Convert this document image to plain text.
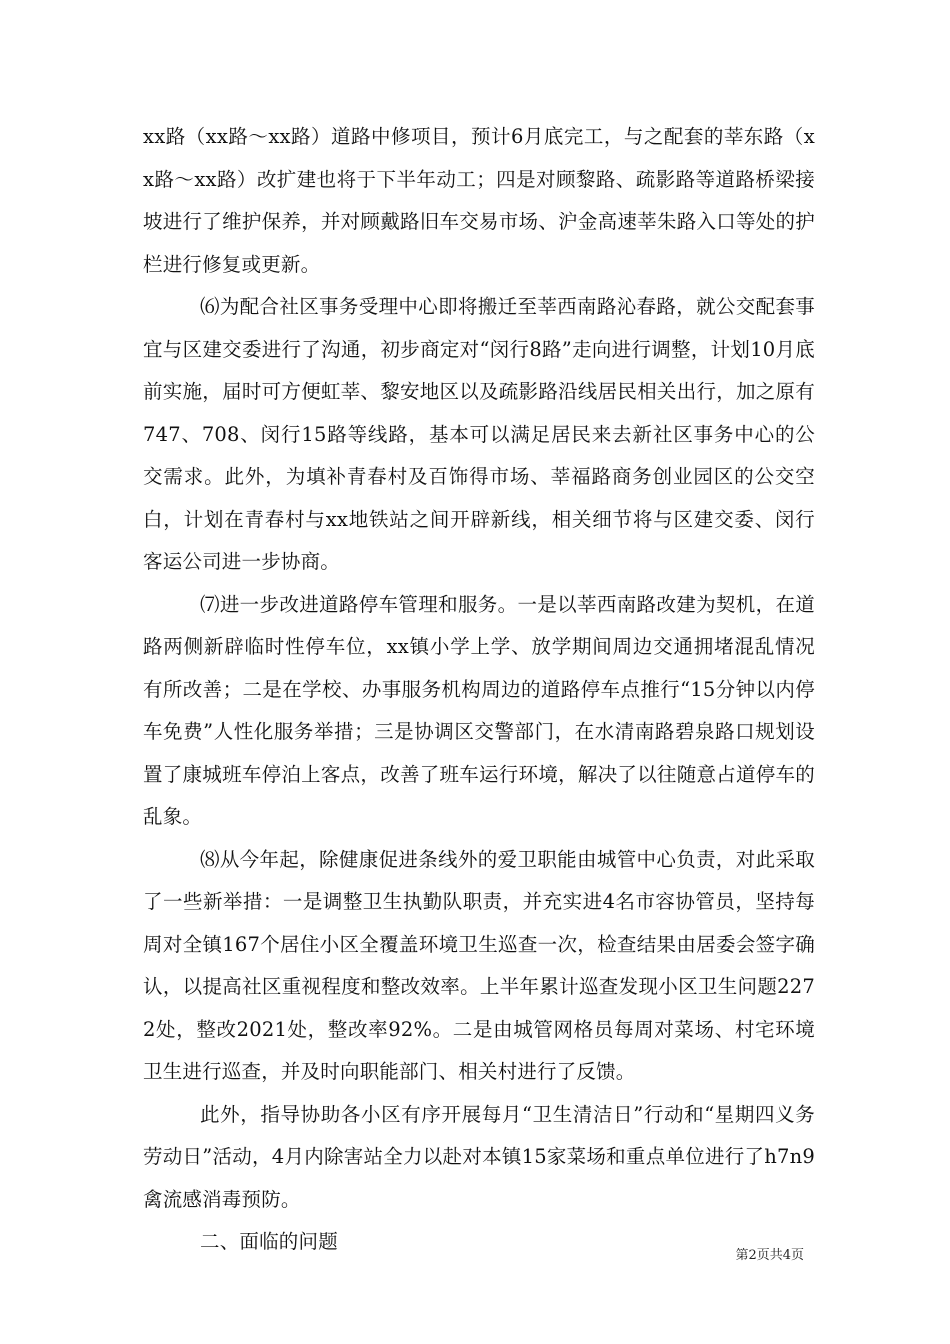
xx路（xx路～xx路）道路中修项目，预计6月底完工，与之配套的莘东路（xx路～xx路）改扩建也将于下半年动工；四是对顾黎路、疏影路等道路桥梁接坡进行了维护保养，并对顾戴路旧车交易市场、沪金高速莘朱路入口等处的护栏进行修复或更新。

⑹为配合社区事务受理中心即将搬迁至莘西南路沁春路，就公交配套事宜与区建交委进行了沟通，初步商定对“闵行8路”走向进行调整，计划10月底前实施，届时可方便虹莘、黎安地区以及疏影路沿线居民相关出行，加之原有747、708、闵行15路等线路，基本可以满足居民来去新社区事务中心的公交需求。此外，为填补青春村及百饰得市场、莘福路商务创业园区的公交空白，计划在青春村与xx地铁站之间开辟新线，相关细节将与区建交委、闵行客运公司进一步协商。

⑺进一步改进道路停车管理和服务。一是以莘西南路改建为契机，在道路两侧新辟临时性停车位，xx镇小学上学、放学期间周边交通拥堵混乱情况有所改善；二是在学校、办事服务机构周边的道路停车点推行“15分钟以内停车免费”人性化服务举措；三是协调区交警部门，在水清南路碧泉路口规划设置了康城班车停泊上客点，改善了班车运行环境，解决了以往随意占道停车的乱象。

⑻从今年起，除健康促进条线外的爱卫职能由城管中心负责，对此采取了一些新举措：一是调整卫生执勤队职责，并充实进4名市容协管员，坚持每周对全镇167个居住小区全覆盖环境卫生巡查一次，检查结果由居委会签字确认，以提高社区重视程度和整改效率。上半年累计巡查发现小区卫生问题2272处，整改2021处，整改率92%。二是由城管网格员每周对菜场、村宅环境卫生进行巡查，并及时向职能部门、相关村进行了反馈。

此外，指导协助各小区有序开展每月“卫生清洁日”行动和“星期四义务劳动日”活动，4月内除害站全力以赴对本镇15家菜场和重点单位进行了h7n9禽流感消毒预防。

二、面临的问题

第2页共4页
